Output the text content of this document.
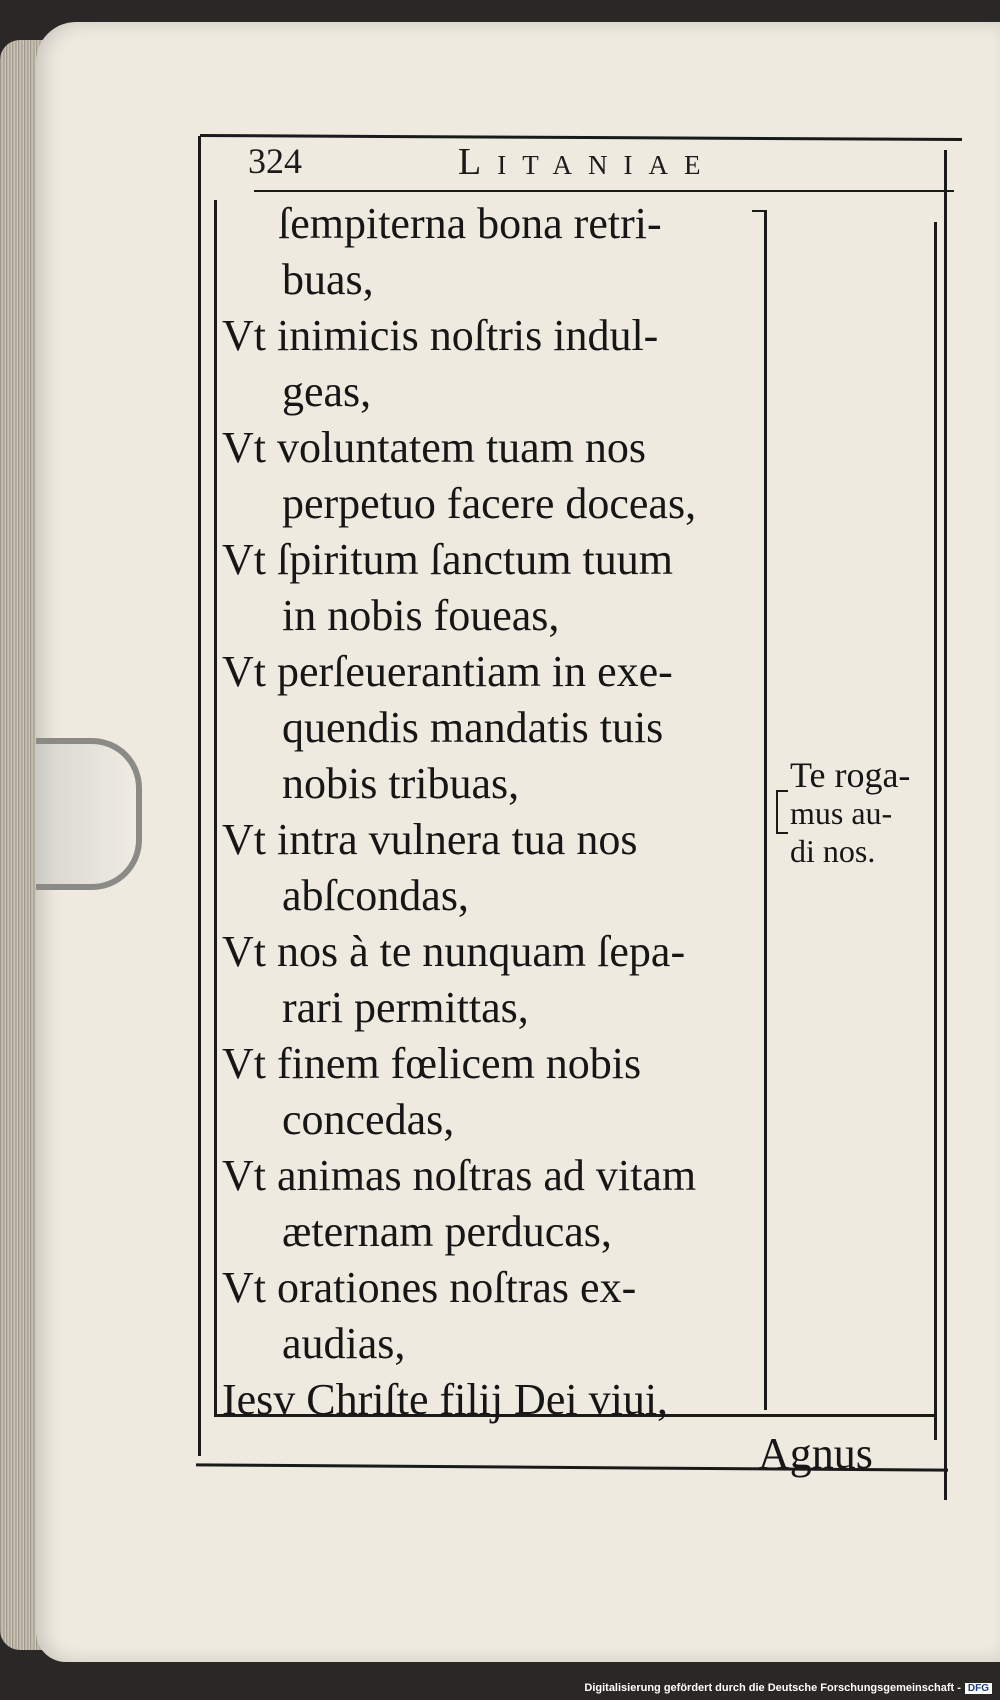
324	Litaniae
ſempiterna bona retri-
buas,
Vt inimicis noſtris indul-
geas,
Vt voluntatem tuam nos
perpetuo facere doceas,
Vt ſpiritum ſanctum tuum
in nobis foueas,
Vt perſeuerantiam in exe-
quendis mandatis tuis
nobis tribuas,
Vt intra vulnera tua nos
abſcondas,
Vt nos à te nunquam ſepa-
rari permittas,
Vt finem fœlicem nobis
concedas,
Vt animas noſtras ad vitam
æternam perducas,
Vt orationes noſtras ex-
audias,
Iesv Chriſte filij Dei viui,
Te roga-
mus au-
di nos.
Agnus
Digitalisierung gefördert durch die Deutsche Forschungsgemeinschaft - DFG
